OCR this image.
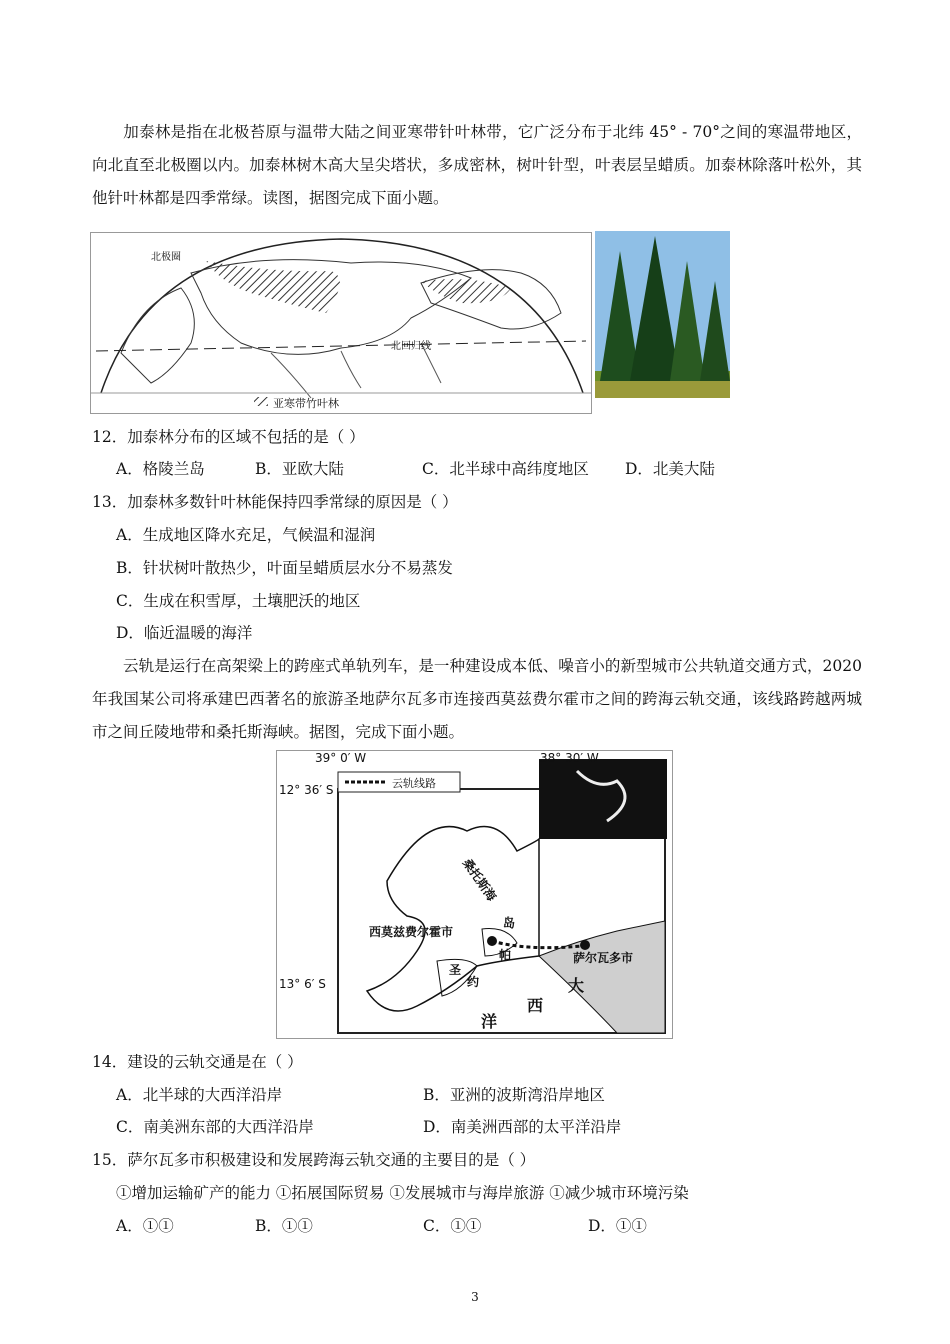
加泰林是指在北极苔原与温带大陆之间亚寒带针叶林带，它广泛分布于北纬 45° - 70°之间的寒温带地区，向北直至北极圈以内。加泰林树木高大呈尖塔状，多成密林，树叶针型，叶表层呈蜡质。加泰林除落叶松外，其他针叶林都是四季常绿。读图，据图完成下面小题。
北极圈
北回归线
亚寒带竹叶林
12．加泰林分布的区域不包括的是（ ）
A．格陵兰岛	B．亚欧大陆	C．北半球中高纬度地区 D．北美大陆
13．加泰林多数针叶林能保持四季常绿的原因是（ ）
A．生成地区降水充足，气候温和湿润
B．针状树叶散热少，叶面呈蜡质层水分不易蒸发
C．生成在积雪厚，土壤肥沃的地区
D．临近温暖的海洋
云轨是运行在高架梁上的跨座式单轨列车，是一种建设成本低、噪音小的新型城市公共轨道交通方式，2020 年我国某公司将承建巴西著名的旅游圣地萨尔瓦多市连接西莫兹费尔霍市之间的跨海云轨交通，该线路跨越两城市之间丘陵地带和桑托斯海峡。据图，完成下面小题。
39° 0′ W	38° 30′ W
12° 36′ S
13° 6′ S
云轨线路
桑托斯海
西莫兹费尔霍市
萨尔瓦多市
岛
帕
圣
约	大
西
洋
14．建设的云轨交通是在（ ）
A．北半球的大西洋沿岸	B．亚洲的波斯湾沿岸地区
C．南美洲东部的大西洋沿岸	D．南美洲西部的太平洋沿岸
15．萨尔瓦多市积极建设和发展跨海云轨交通的主要目的是（ ）
①增加运输矿产的能力 ①拓展国际贸易 ①发展城市与海岸旅游 ①减少城市环境污染
A．①①	B．①①	C．①①	D．①①
3
